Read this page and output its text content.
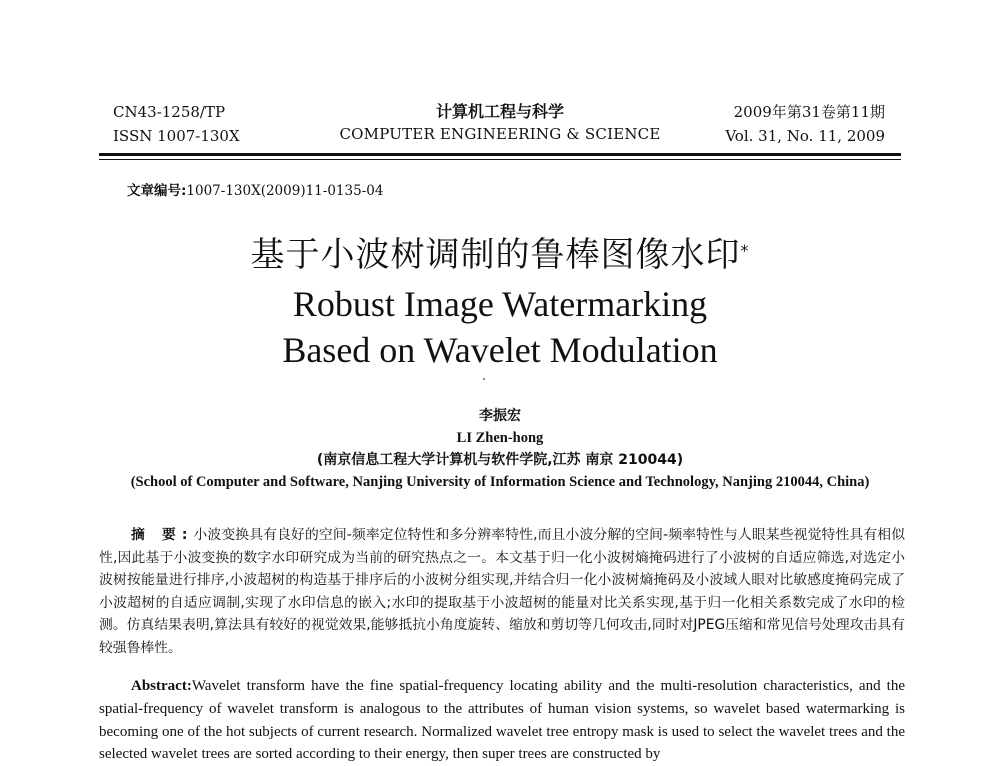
CN43-1258/TP
ISSN 1007-130X
计算机工程与科学
COMPUTER ENGINEERING & SCIENCE
2009年第31卷第11期
Vol. 31, No. 11, 2009
文章编号:1007-130X(2009)11-0135-04
基于小波树调制的鲁棒图像水印*
Robust Image Watermarking
Based on Wavelet Modulation
李振宏
LI Zhen-hong
(南京信息工程大学计算机与软件学院,江苏 南京 210044)
(School of Computer and Software, Nanjing University of Information Science and Technology, Nanjing 210044, China)
摘 要:小波变换具有良好的空间-频率定位特性和多分辨率特性,而且小波分解的空间-频率特性与人眼某些视觉特性具有相似性,因此基于小波变换的数字水印研究成为当前的研究热点之一。本文基于归一化小波树熵掩码进行了小波树的自适应筛选,对选定小波树按能量进行排序,小波超树的构造基于排序后的小波树分组实现,并结合归一化小波树熵掩码及小波域人眼对比敏感度掩码完成了小波超树的自适应调制,实现了水印信息的嵌入;水印的提取基于小波超树的能量对比关系实现,基于归一化相关系数完成了水印的检测。仿真结果表明,算法具有较好的视觉效果,能够抵抗小角度旋转、缩放和剪切等几何攻击,同时对JPEG压缩和常见信号处理攻击具有较强鲁棒性。
Abstract:Wavelet transform have the fine spatial-frequency locating ability and the multi-resolution characteristics, and the spatial-frequency of wavelet transform is analogous to the attributes of human vision systems, so wavelet based watermarking is becoming one of the hot subjects of current research. Normalized wavelet tree entropy mask is used to select the wavelet trees and the selected wavelet trees are sorted according to their energy, then super trees are constructed by
